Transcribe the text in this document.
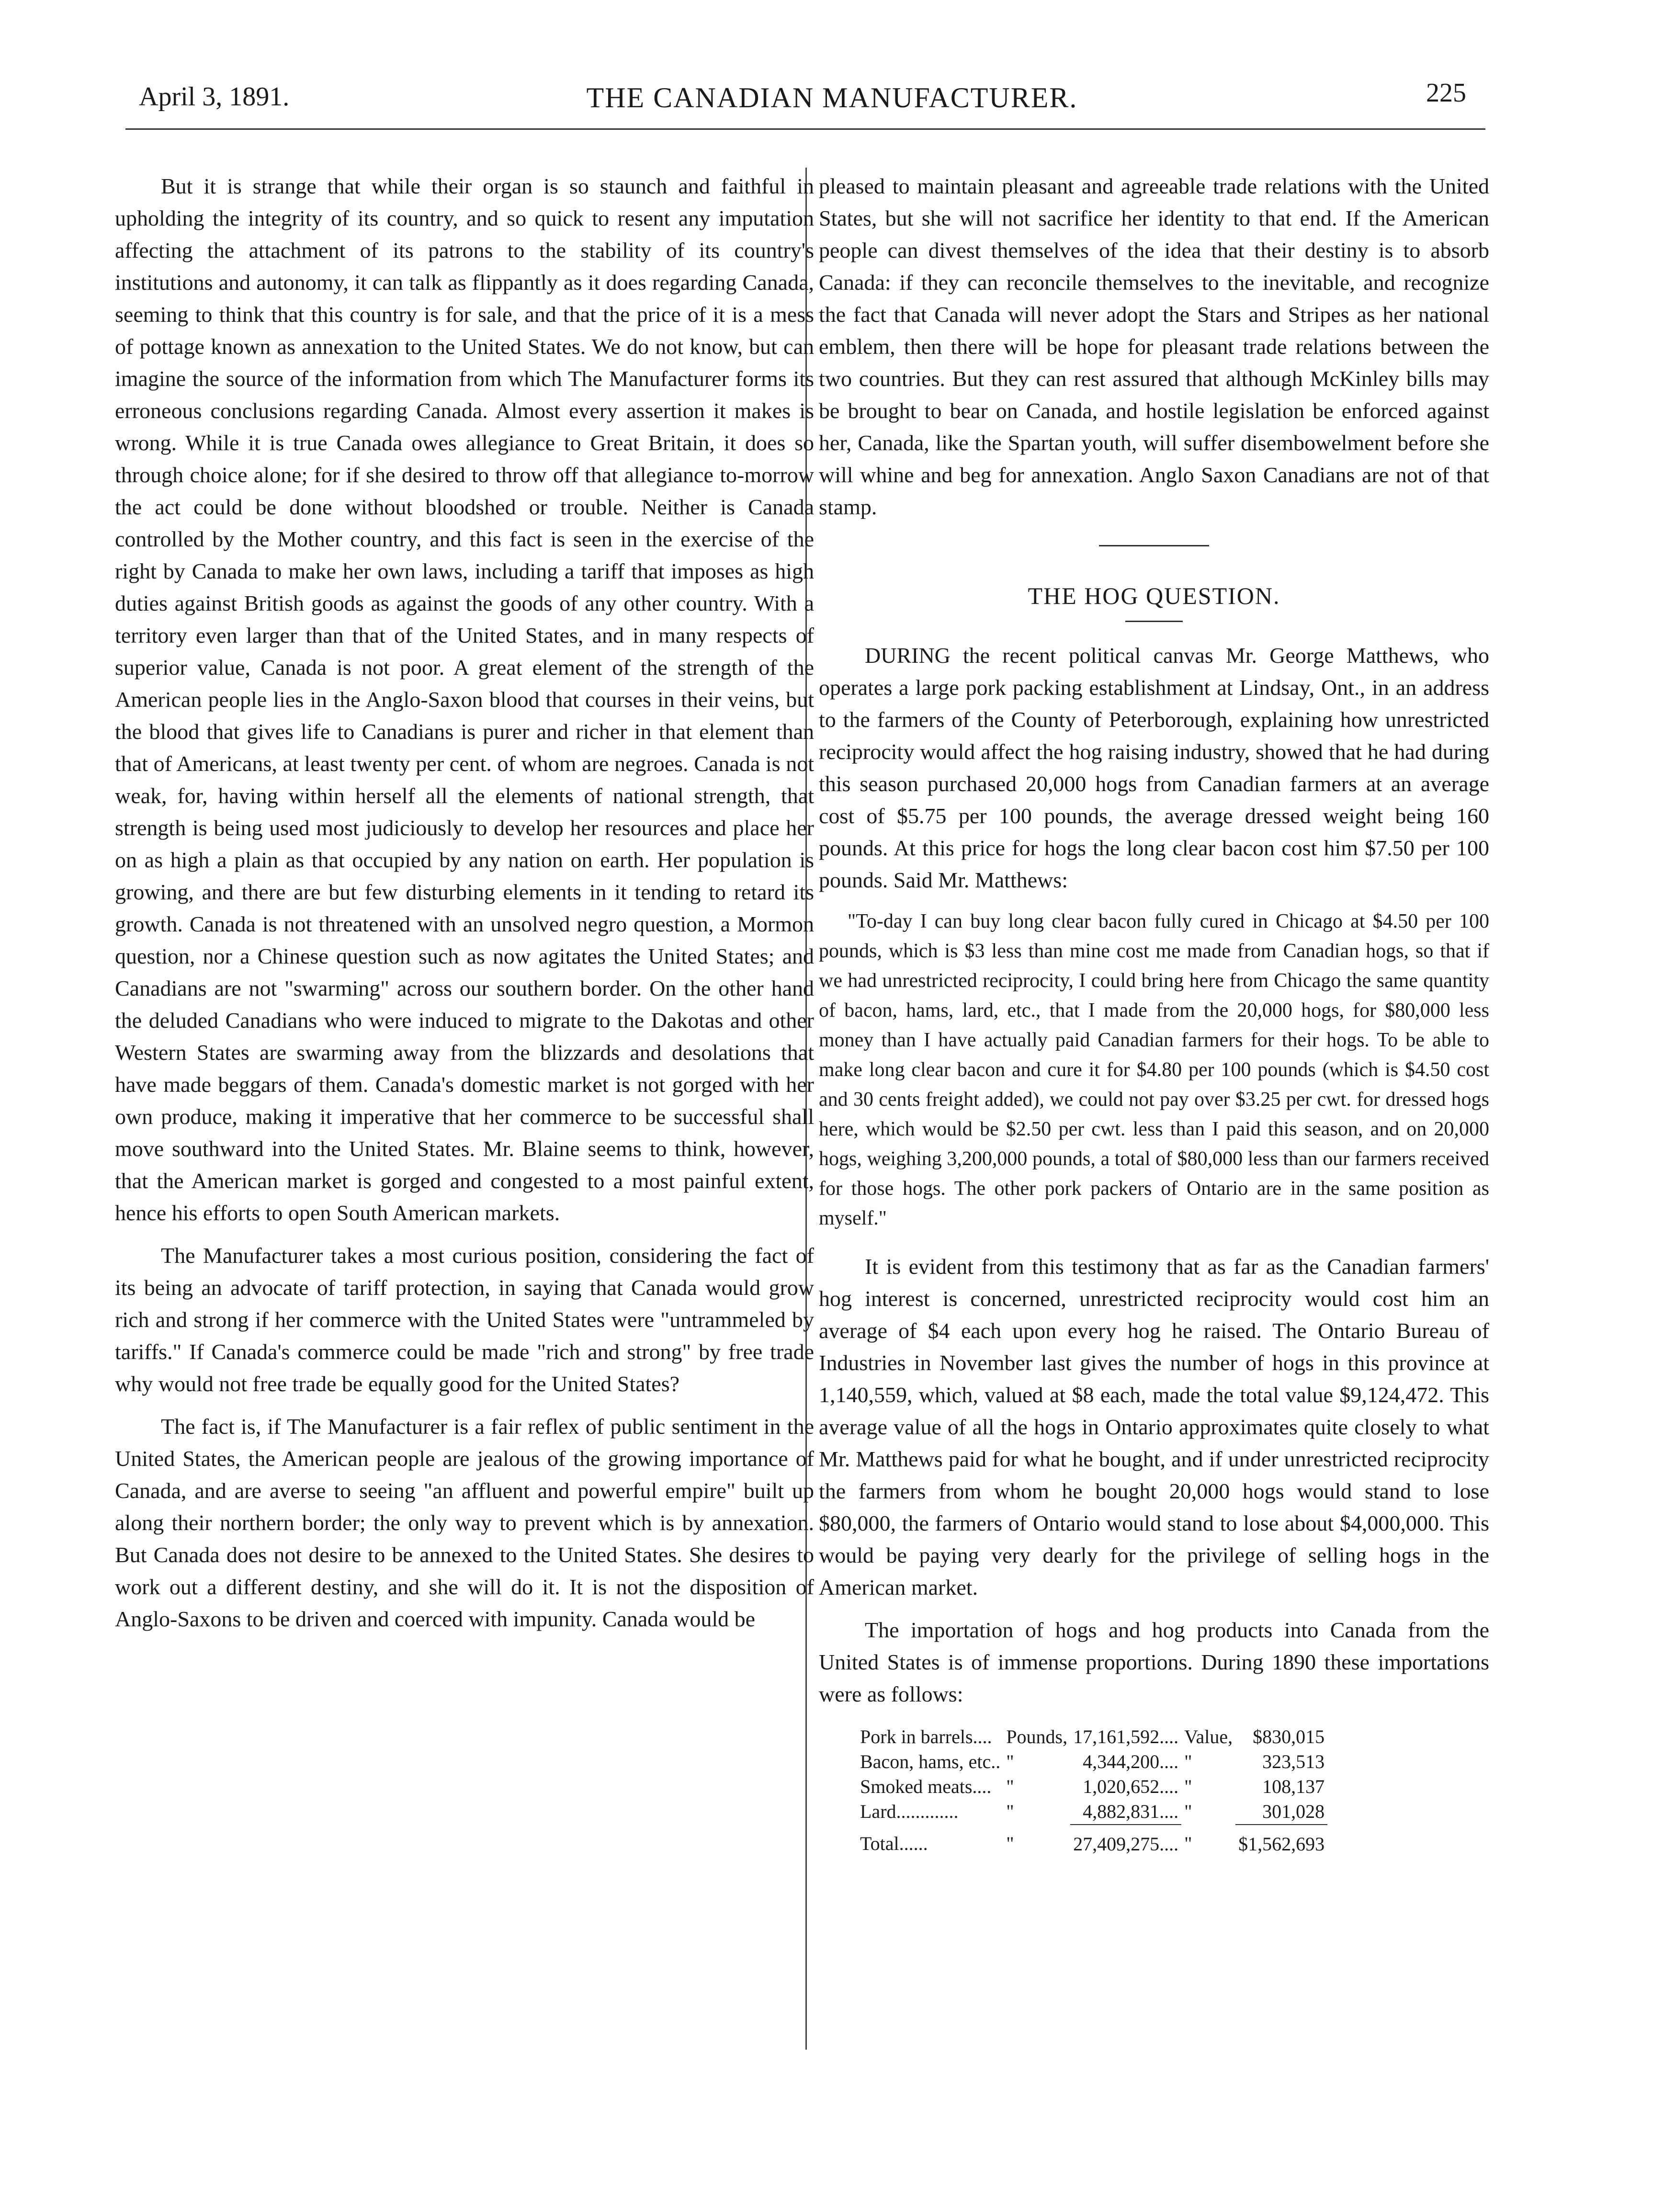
April 3, 1891.	THE CANADIAN MANUFACTURER.	225

But it is strange that while their organ is so staunch and faithful in upholding the integrity of its country, and so quick to resent any imputation affecting the attachment of its patrons to the stability of its country's institutions and autonomy, it can talk as flippantly as it does regarding Canada, seeming to think that this country is for sale, and that the price of it is a mess of pottage known as annexation to the United States. We do not know, but can imagine the source of the information from which The Manufacturer forms its erroneous conclusions regarding Canada. Almost every assertion it makes is wrong. While it is true Canada owes allegiance to Great Britain, it does so through choice alone; for if she desired to throw off that allegiance to-morrow the act could be done without bloodshed or trouble. Neither is Canada controlled by the Mother country, and this fact is seen in the exercise of the right by Canada to make her own laws, including a tariff that imposes as high duties against British goods as against the goods of any other country. With a territory even larger than that of the United States, and in many respects of superior value, Canada is not poor. A great element of the strength of the American people lies in the Anglo-Saxon blood that courses in their veins, but the blood that gives life to Canadians is purer and richer in that element than that of Americans, at least twenty per cent. of whom are negroes. Canada is not weak, for, having within herself all the elements of national strength, that strength is being used most judiciously to develop her resources and place her on as high a plain as that occupied by any nation on earth. Her population is growing, and there are but few disturbing elements in it tending to retard its growth. Canada is not threatened with an unsolved negro question, a Mormon question, nor a Chinese question such as now agitates the United States; and Canadians are not "swarming" across our southern border. On the other hand the deluded Canadians who were induced to migrate to the Dakotas and other Western States are swarming away from the blizzards and desolations that have made beggars of them. Canada's domestic market is not gorged with her own produce, making it imperative that her commerce to be successful shall move southward into the United States. Mr. Blaine seems to think, however, that the American market is gorged and congested to a most painful extent, hence his efforts to open South American markets.

The Manufacturer takes a most curious position, considering the fact of its being an advocate of tariff protection, in saying that Canada would grow rich and strong if her commerce with the United States were "untrammeled by tariffs." If Canada's commerce could be made "rich and strong" by free trade why would not free trade be equally good for the United States?

The fact is, if The Manufacturer is a fair reflex of public sentiment in the United States, the American people are jealous of the growing importance of Canada, and are averse to seeing "an affluent and powerful empire" built up along their northern border; the only way to prevent which is by annexation. But Canada does not desire to be annexed to the United States. She desires to work out a different destiny, and she will do it. It is not the disposition of Anglo-Saxons to be driven and coerced with impunity. Canada would be

pleased to maintain pleasant and agreeable trade relations with the United States, but she will not sacrifice her identity to that end. If the American people can divest themselves of the idea that their destiny is to absorb Canada: if they can reconcile themselves to the inevitable, and recognize the fact that Canada will never adopt the Stars and Stripes as her national emblem, then there will be hope for pleasant trade relations between the two countries. But they can rest assured that although McKinley bills may be brought to bear on Canada, and hostile legislation be enforced against her, Canada, like the Spartan youth, will suffer disembowelment before she will whine and beg for annexation. Anglo Saxon Canadians are not of that stamp.

THE HOG QUESTION.

DURING the recent political canvas Mr. George Matthews, who operates a large pork packing establishment at Lindsay, Ont., in an address to the farmers of the County of Peterborough, explaining how unrestricted reciprocity would affect the hog raising industry, showed that he had during this season purchased 20,000 hogs from Canadian farmers at an average cost of $5.75 per 100 pounds, the average dressed weight being 160 pounds. At this price for hogs the long clear bacon cost him $7.50 per 100 pounds. Said Mr. Matthews:

"To-day I can buy long clear bacon fully cured in Chicago at $4.50 per 100 pounds, which is $3 less than mine cost me made from Canadian hogs, so that if we had unrestricted reciprocity, I could bring here from Chicago the same quantity of bacon, hams, lard, etc., that I made from the 20,000 hogs, for $80,000 less money than I have actually paid Canadian farmers for their hogs. To be able to make long clear bacon and cure it for $4.80 per 100 pounds (which is $4.50 cost and 30 cents freight added), we could not pay over $3.25 per cwt. for dressed hogs here, which would be $2.50 per cwt. less than I paid this season, and on 20,000 hogs, weighing 3,200,000 pounds, a total of $80,000 less than our farmers received for those hogs. The other pork packers of Ontario are in the same position as myself."

It is evident from this testimony that as far as the Canadian farmers' hog interest is concerned, unrestricted reciprocity would cost him an average of $4 each upon every hog he raised. The Ontario Bureau of Industries in November last gives the number of hogs in this province at 1,140,559, which, valued at $8 each, made the total value $9,124,472. This average value of all the hogs in Ontario approximates quite closely to what Mr. Matthews paid for what he bought, and if under unrestricted reciprocity the farmers from whom he bought 20,000 hogs would stand to lose $80,000, the farmers of Ontario would stand to lose about $4,000,000. This would be paying very dearly for the privilege of selling hogs in the American market.

The importation of hogs and hog products into Canada from the United States is of immense proportions. During 1890 these importations were as follows:

Pork in barrels....	Pounds,	17,161,592....	Value,	$830,015
Bacon, hams, etc..	"	4,344,200....	"	323,513
Smoked meats....	"	1,020,652....	"	108,137
Lard.............	"	4,882,831....	"	301,028
Total......	"	27,409,275....	"	$1,562,693
